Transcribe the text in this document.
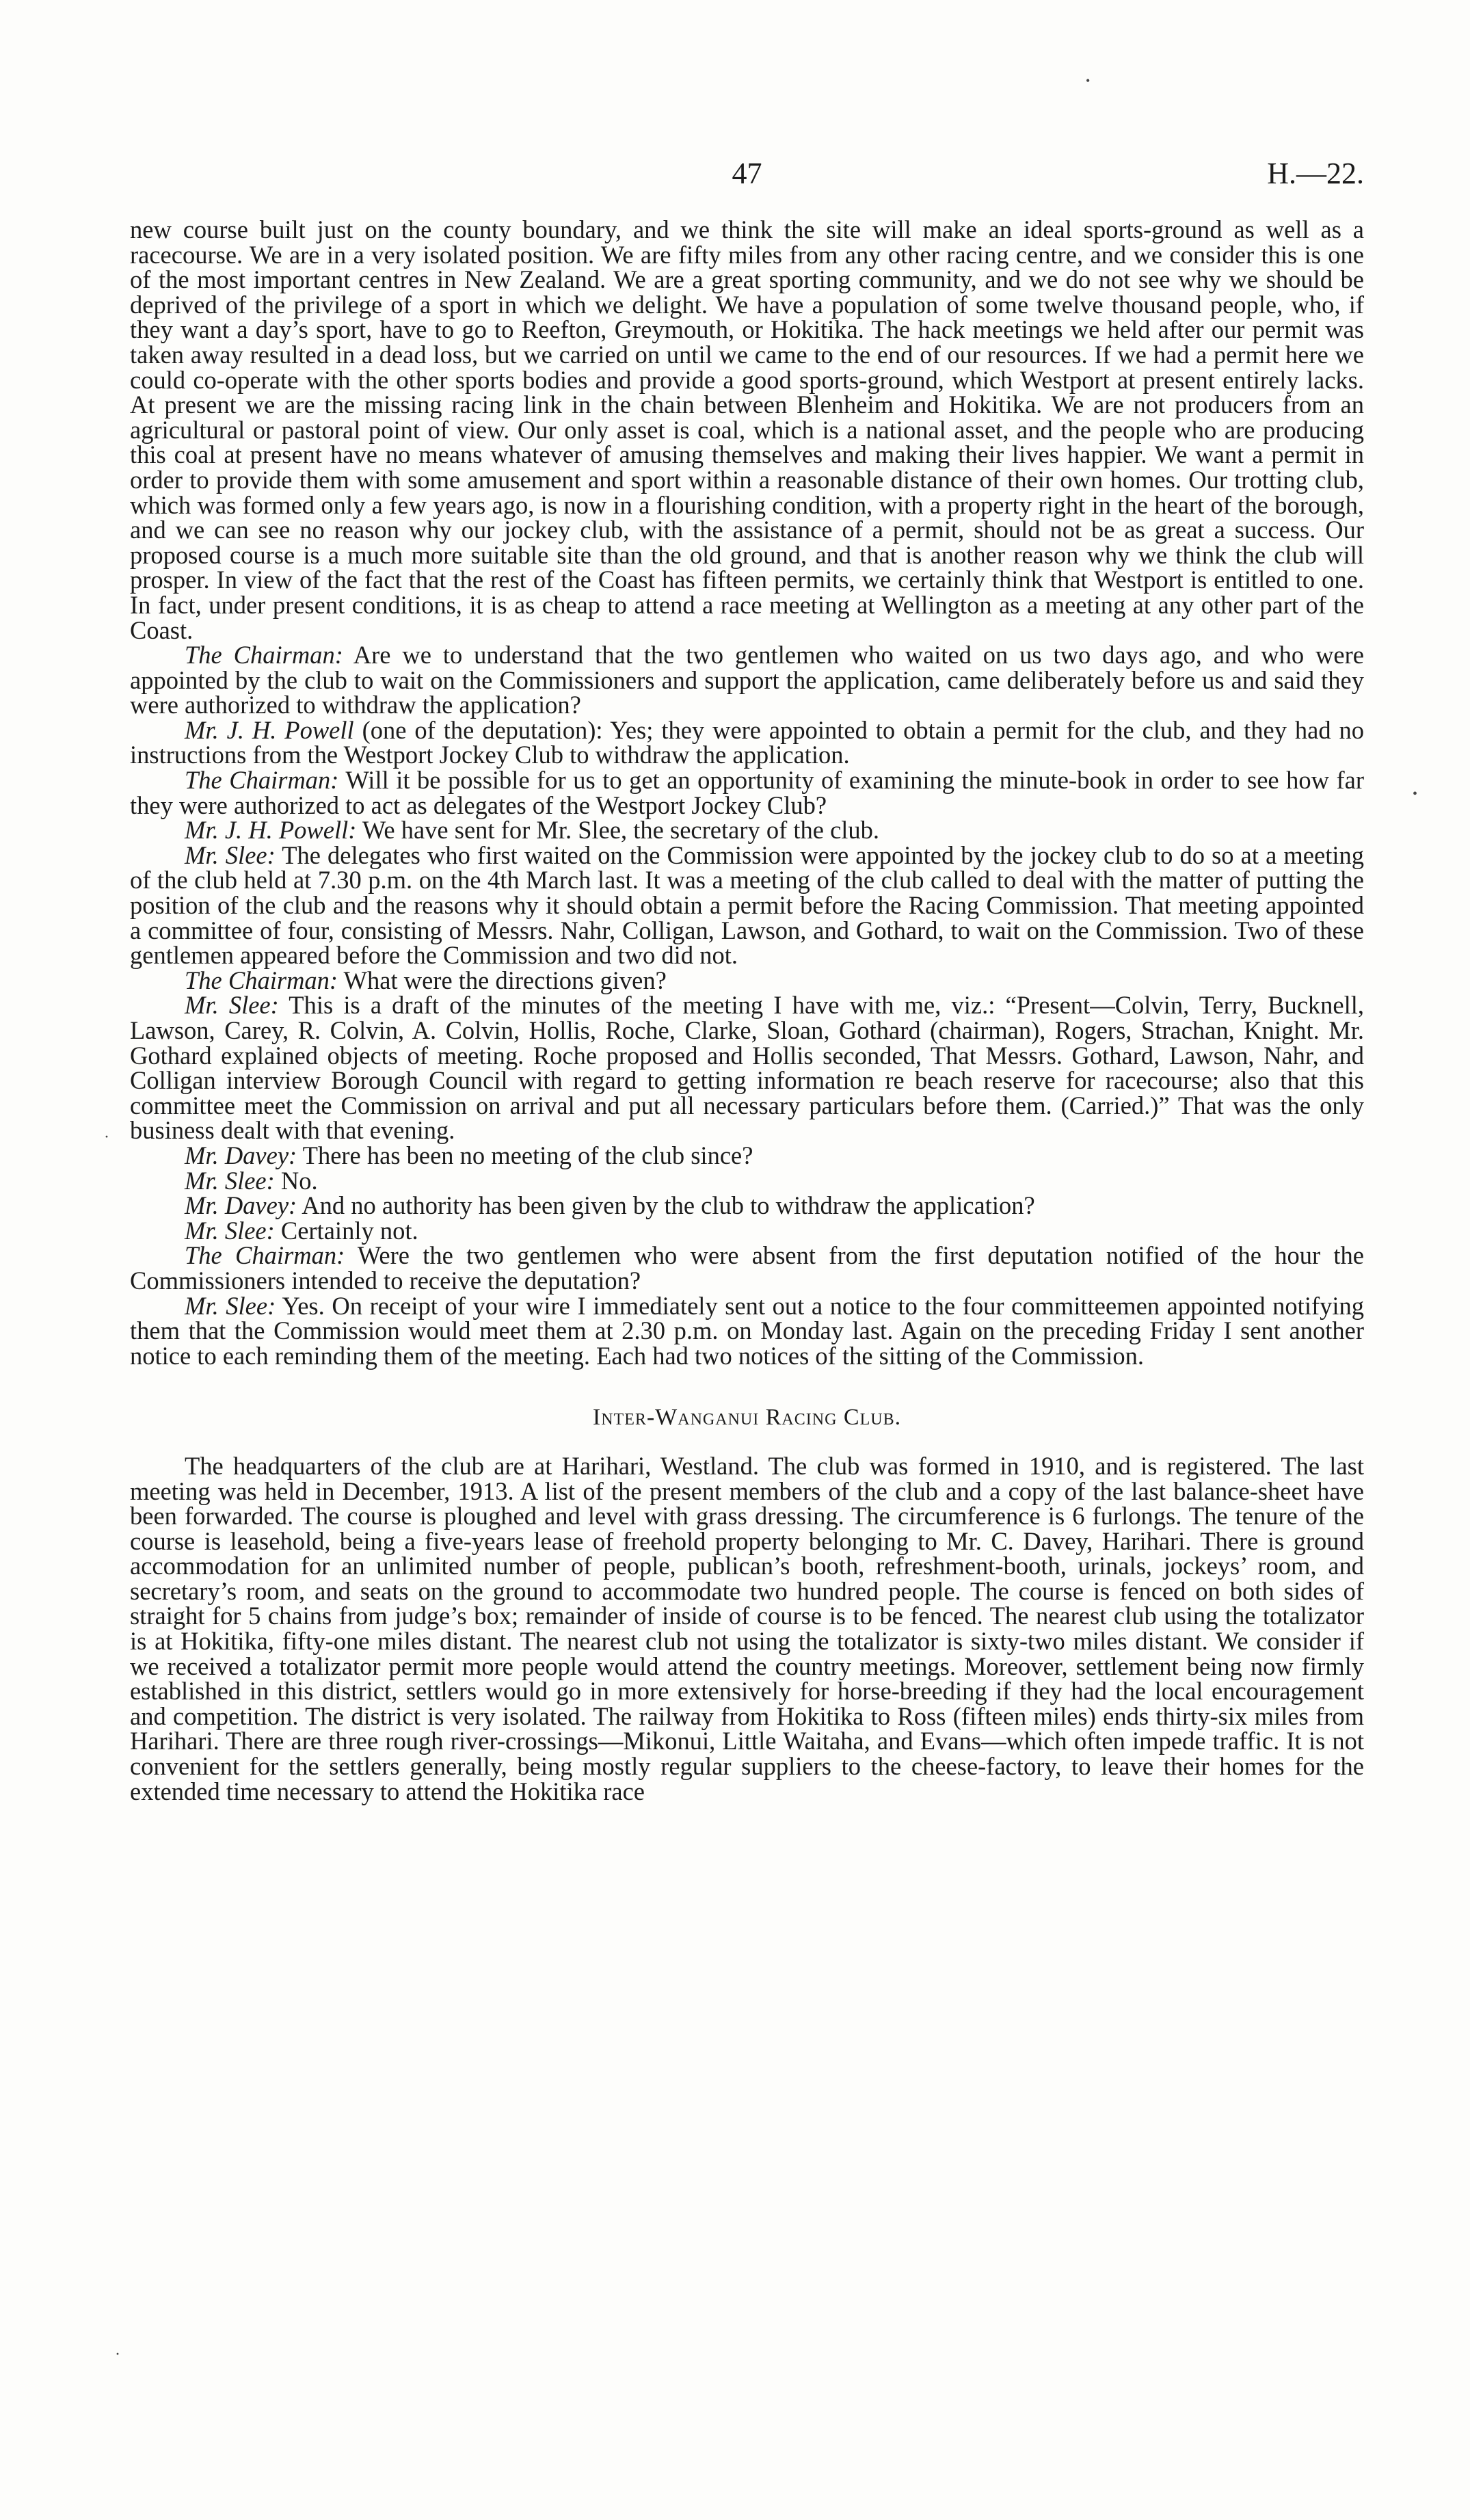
•
•
·
·
47	H.—22.

new course built just on the county boundary, and we think the site will make an ideal sports-ground as well as a racecourse. We are in a very isolated position. We are fifty miles from any other racing centre, and we consider this is one of the most important centres in New Zealand. We are a great sporting community, and we do not see why we should be deprived of the privilege of a sport in which we delight. We have a population of some twelve thousand people, who, if they want a day’s sport, have to go to Reefton, Greymouth, or Hokitika. The hack meetings we held after our permit was taken away resulted in a dead loss, but we carried on until we came to the end of our resources. If we had a permit here we could co-operate with the other sports bodies and provide a good sports-ground, which Westport at present entirely lacks. At present we are the missing racing link in the chain between Blenheim and Hokitika. We are not producers from an agricultural or pastoral point of view. Our only asset is coal, which is a national asset, and the people who are producing this coal at present have no means whatever of amusing themselves and making their lives happier. We want a permit in order to provide them with some amusement and sport within a reasonable distance of their own homes. Our trotting club, which was formed only a few years ago, is now in a flourishing condition, with a property right in the heart of the borough, and we can see no reason why our jockey club, with the assistance of a permit, should not be as great a success. Our proposed course is a much more suitable site than the old ground, and that is another reason why we think the club will prosper. In view of the fact that the rest of the Coast has fifteen permits, we certainly think that Westport is entitled to one. In fact, under present conditions, it is as cheap to attend a race meeting at Wellington as a meeting at any other part of the Coast.

The Chairman: Are we to understand that the two gentlemen who waited on us two days ago, and who were appointed by the club to wait on the Commissioners and support the application, came deliberately before us and said they were authorized to withdraw the application?

Mr. J. H. Powell (one of the deputation): Yes; they were appointed to obtain a permit for the club, and they had no instructions from the Westport Jockey Club to withdraw the application.

The Chairman: Will it be possible for us to get an opportunity of examining the minute-book in order to see how far they were authorized to act as delegates of the Westport Jockey Club?

Mr. J. H. Powell: We have sent for Mr. Slee, the secretary of the club.

Mr. Slee: The delegates who first waited on the Commission were appointed by the jockey club to do so at a meeting of the club held at 7.30 p.m. on the 4th March last. It was a meeting of the club called to deal with the matter of putting the position of the club and the reasons why it should obtain a permit before the Racing Commission. That meeting appointed a committee of four, consisting of Messrs. Nahr, Colligan, Lawson, and Gothard, to wait on the Commission. Two of these gentlemen appeared before the Commission and two did not.

The Chairman: What were the directions given?

Mr. Slee: This is a draft of the minutes of the meeting I have with me, viz.: “Present—Colvin, Terry, Bucknell, Lawson, Carey, R. Colvin, A. Colvin, Hollis, Roche, Clarke, Sloan, Gothard (chairman), Rogers, Strachan, Knight. Mr. Gothard explained objects of meeting. Roche proposed and Hollis seconded, That Messrs. Gothard, Lawson, Nahr, and Colligan interview Borough Council with regard to getting information re beach reserve for racecourse; also that this committee meet the Commission on arrival and put all necessary particulars before them. (Carried.)” That was the only business dealt with that evening.

Mr. Davey: There has been no meeting of the club since?

Mr. Slee: No.

Mr. Davey: And no authority has been given by the club to withdraw the application?

Mr. Slee: Certainly not.

The Chairman: Were the two gentlemen who were absent from the first deputation notified of the hour the Commissioners intended to receive the deputation?

Mr. Slee: Yes. On receipt of your wire I immediately sent out a notice to the four committeemen appointed notifying them that the Commission would meet them at 2.30 p.m. on Monday last. Again on the preceding Friday I sent another notice to each reminding them of the meeting. Each had two notices of the sitting of the Commission.

Inter-Wanganui Racing Club.

The headquarters of the club are at Harihari, Westland. The club was formed in 1910, and is registered. The last meeting was held in December, 1913. A list of the present members of the club and a copy of the last balance-sheet have been forwarded. The course is ploughed and level with grass dressing. The circumference is 6 furlongs. The tenure of the course is leasehold, being a five-years lease of freehold property belonging to Mr. C. Davey, Harihari. There is ground accommodation for an unlimited number of people, publican’s booth, refreshment-booth, urinals, jockeys’ room, and secretary’s room, and seats on the ground to accommodate two hundred people. The course is fenced on both sides of straight for 5 chains from judge’s box; remainder of inside of course is to be fenced. The nearest club using the totalizator is at Hokitika, fifty-one miles distant. The nearest club not using the totalizator is sixty-two miles distant. We consider if we received a totalizator permit more people would attend the country meetings. Moreover, settlement being now firmly established in this district, settlers would go in more extensively for horse-breeding if they had the local encouragement and competition. The district is very isolated. The railway from Hokitika to Ross (fifteen miles) ends thirty-six miles from Harihari. There are three rough river-crossings—Mikonui, Little Waitaha, and Evans—which often impede traffic. It is not convenient for the settlers generally, being mostly regular suppliers to the cheese-factory, to leave their homes for the extended time necessary to attend the Hokitika race
